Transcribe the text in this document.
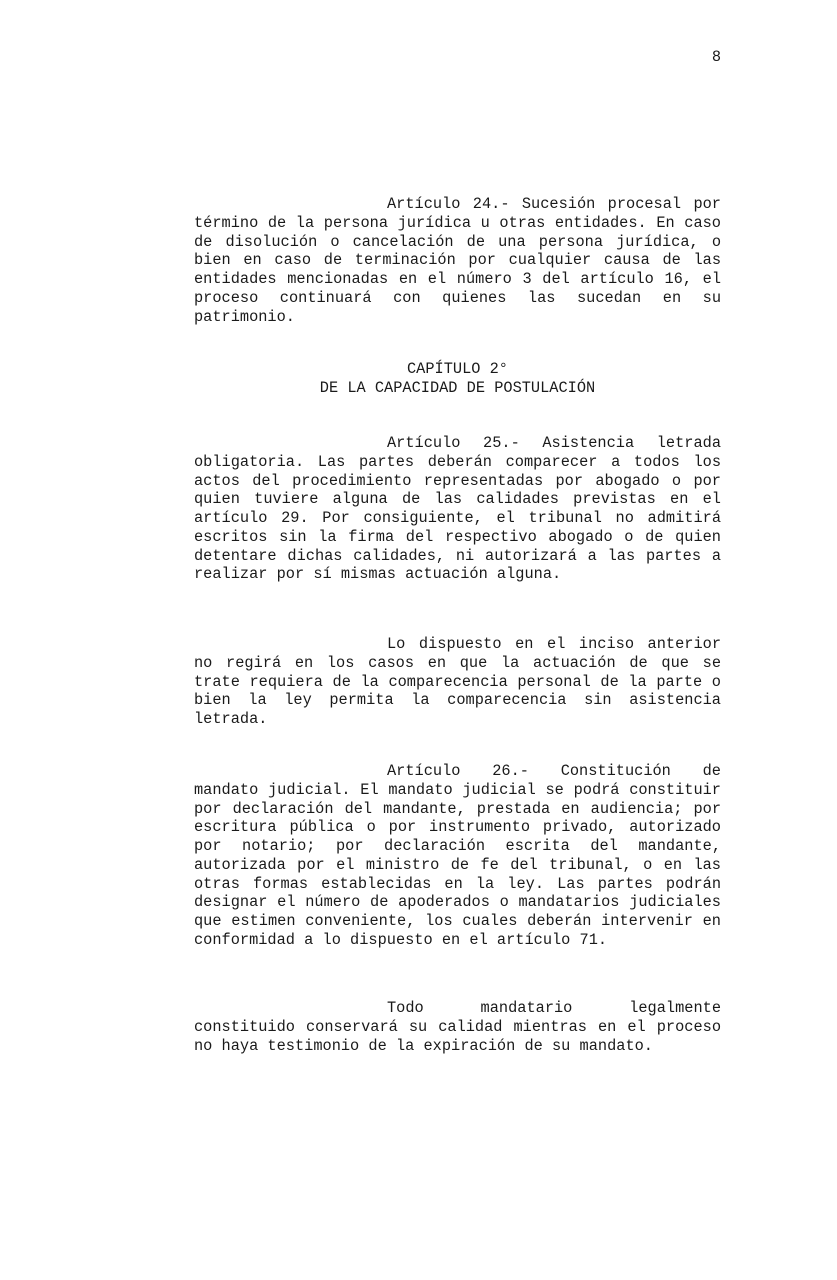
8

Artículo 24.- Sucesión procesal por término de la persona jurídica u otras entidades. En caso de disolución o cancelación de una persona jurídica, o bien en caso de terminación por cualquier causa de las entidades mencionadas en el número 3 del artículo 16, el proceso continuará con quienes las sucedan en su patrimonio.

CAPÍTULO 2°
DE LA CAPACIDAD DE POSTULACIÓN

Artículo 25.- Asistencia letrada obligatoria. Las partes deberán comparecer a todos los actos del procedimiento representadas por abogado o por quien tuviere alguna de las calidades previstas en el artículo 29. Por consiguiente, el tribunal no admitirá escritos sin la firma del respectivo abogado o de quien detentare dichas calidades, ni autorizará a las partes a realizar por sí mismas actuación alguna.

Lo dispuesto en el inciso anterior no regirá en los casos en que la actuación de que se trate requiera de la comparecencia personal de la parte o bien la ley permita la comparecencia sin asistencia letrada.

Artículo 26.- Constitución de mandato judicial. El mandato judicial se podrá constituir por declaración del mandante, prestada en audiencia; por escritura pública o por instrumento privado, autorizado por notario; por declaración escrita del mandante, autorizada por el ministro de fe del tribunal, o en las otras formas establecidas en la ley. Las partes podrán designar el número de apoderados o mandatarios judiciales que estimen conveniente, los cuales deberán intervenir en conformidad a lo dispuesto en el artículo 71.

Todo mandatario legalmente constituido conservará su calidad mientras en el proceso no haya testimonio de la expiración de su mandato.
